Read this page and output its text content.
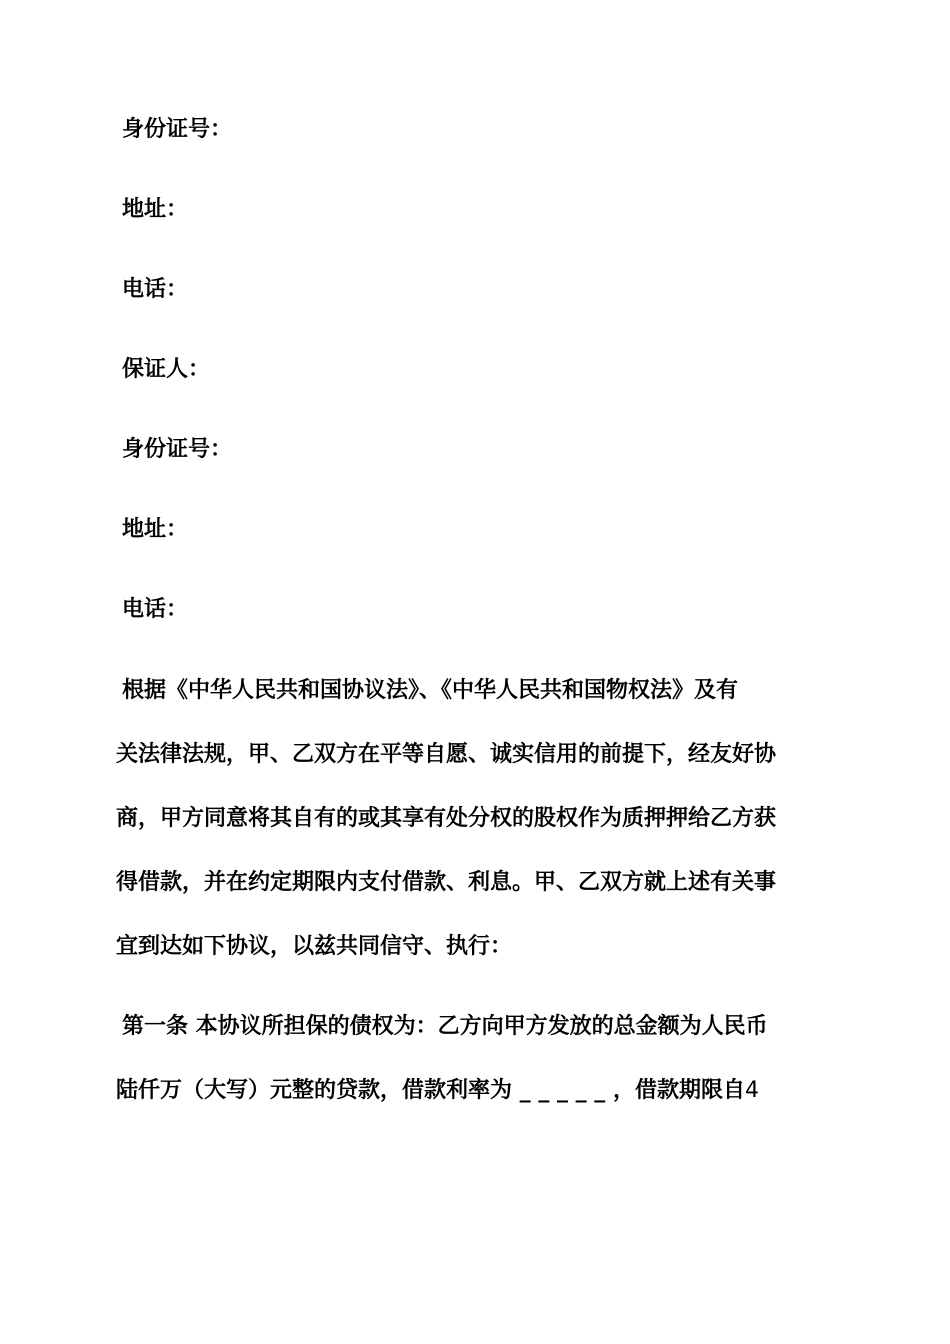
身份证号：

地址：

电话：

保证人：

身份证号：

地址：

电话：

根据《中华人民共和国协议法》、《中华人民共和国物权法》及有

关法律法规，甲、乙双方在平等自愿、诚实信用的前提下，经友好协

商，甲方同意将其自有的或其享有处分权的股权作为质押押给乙方获

得借款，并在约定期限内支付借款、利息。甲、乙双方就上述有关事

宜到达如下协议，以兹共同信守、执行：

第一条 本协议所担保的债权为：乙方向甲方发放的总金额为人民币

陆仟万（大写）元整的贷款，借款利率为 _ _ _ _ _ ，借款期限自4
